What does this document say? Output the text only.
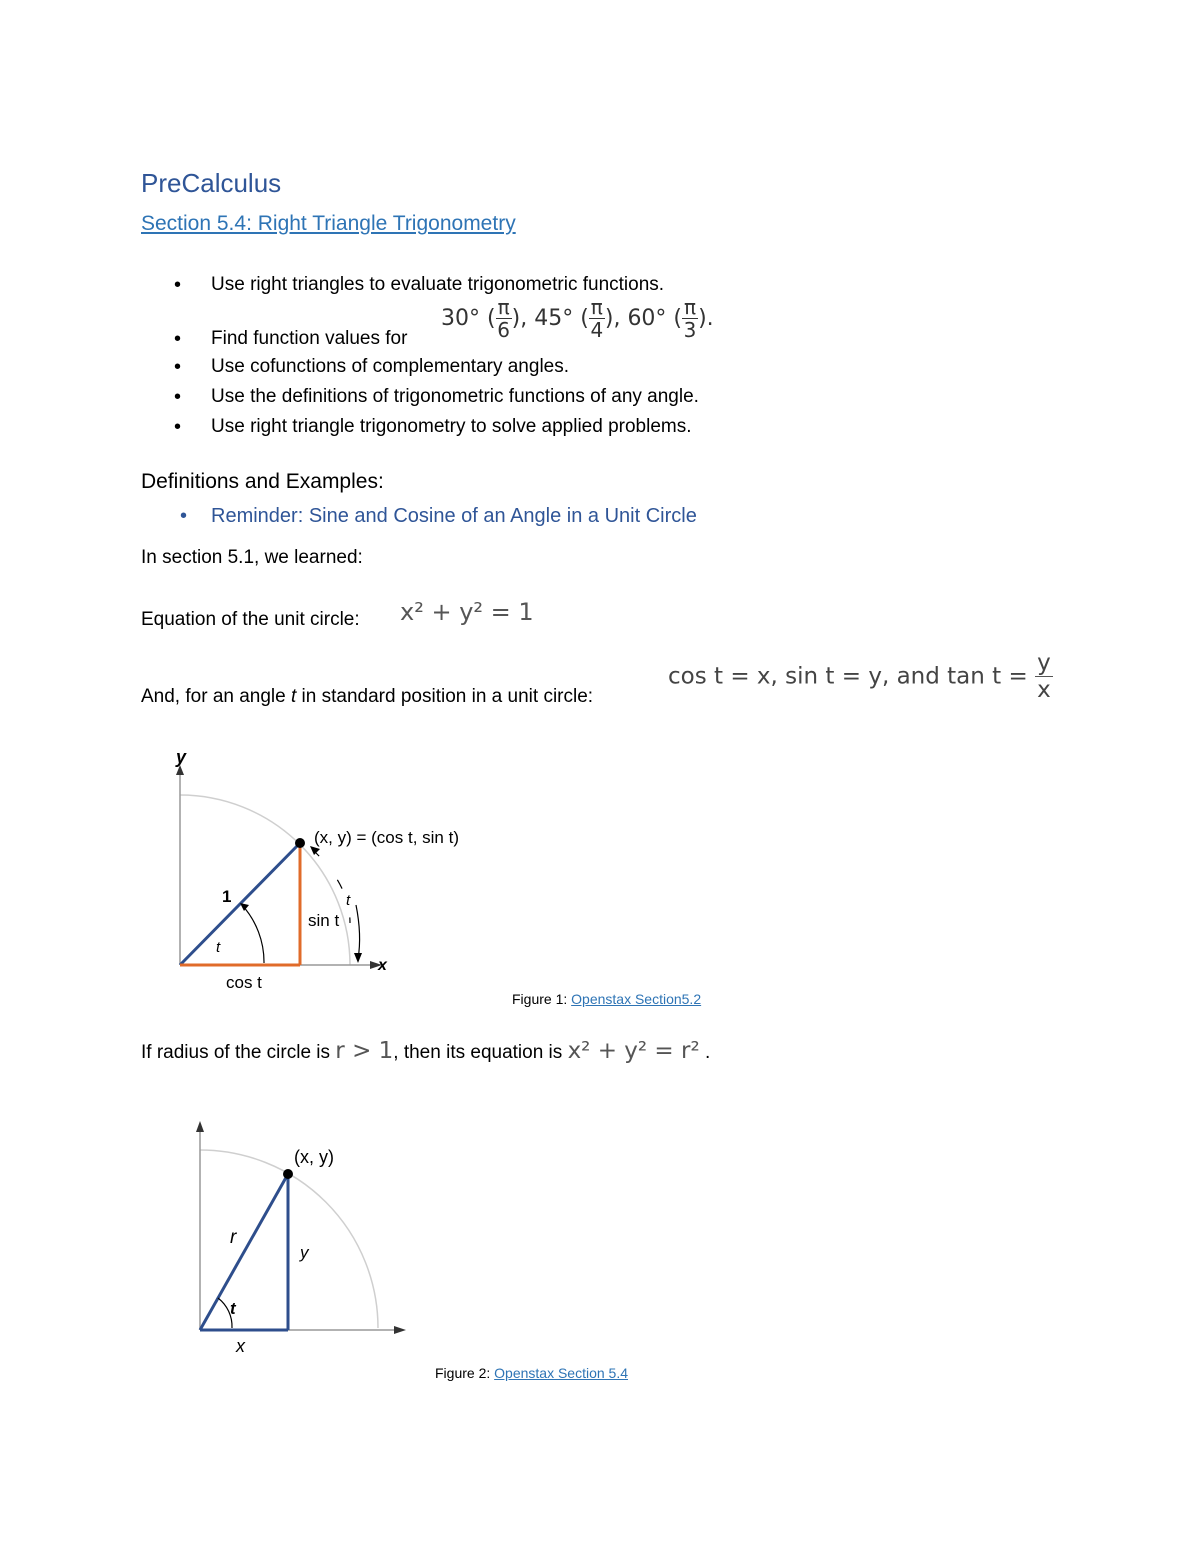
PreCalculus
Section 5.4: Right Triangle Trigonometry
• Use right triangles to evaluate trigonometric functions.
• Find function values for
• Use cofunctions of complementary angles.
• Use the definitions of trigonometric functions of any angle.
• Use right triangle trigonometry to solve applied problems.
30° ( $\frac{\pi}{6}$ ), 45° ( $\frac{\pi}{4}$ ), 60° ( $\frac{\pi}{3}$ ).
Definitions and Examples:
• Reminder: Sine and Cosine of an Angle in a Unit Circle
In section 5.1, we learned:
Equation of the unit circle: x² + y² = 1
And, for an angle t in standard position in a unit circle:
cos t = x, sin t = y, and $\tan t = \frac{y}{x}$
y
x
(x, y) = (cos t, sin t)
1
t
t
sin t
cos t
Figure 1: Openstax Section5.2
If radius of the circle is r > 1, then its equation is x² + y² = r² .
(x, y)
r
y
t
x
Figure 2: Openstax Section 5.4
